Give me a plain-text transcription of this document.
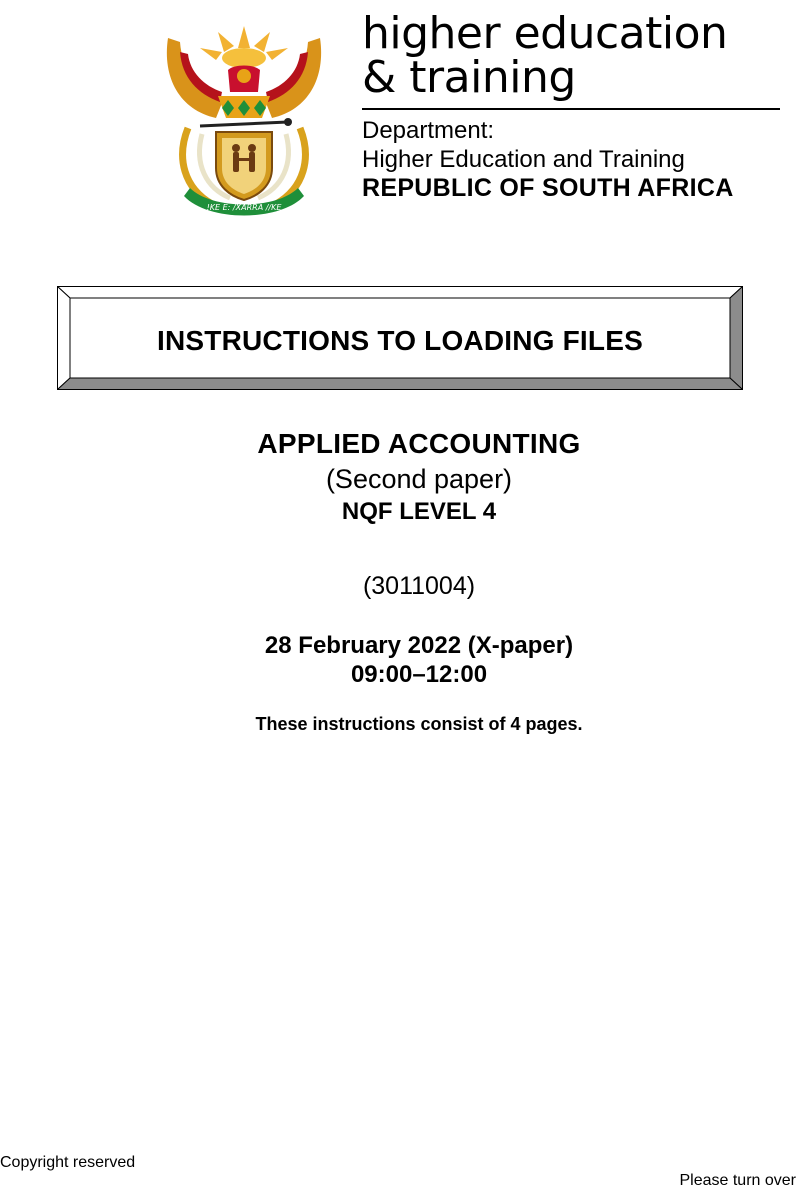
!KE E: /XARRA //KE
higher education
& training
Department:
Higher Education and Training
REPUBLIC OF SOUTH AFRICA
INSTRUCTIONS TO LOADING FILES
APPLIED ACCOUNTING
(Second paper)
NQF LEVEL 4
(3011004)
28 February 2022 (X-paper)
09:00–12:00
These instructions consist of 4 pages.
Copyright reserved
Please turn over
